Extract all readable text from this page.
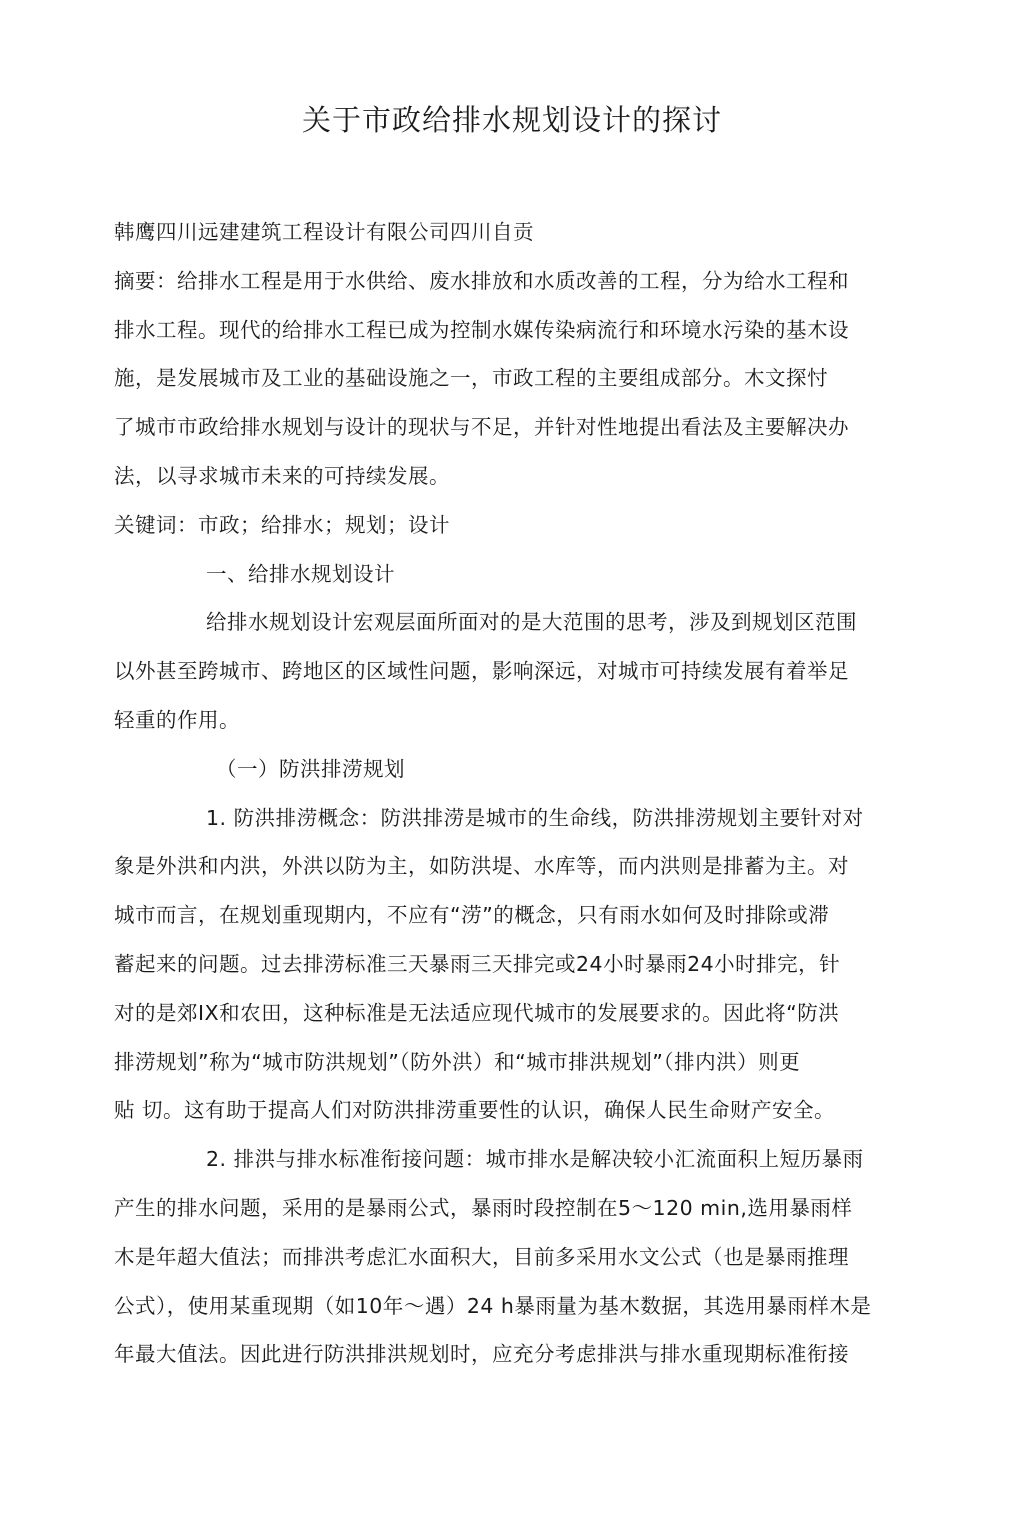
关于市政给排水规划设计的探讨
韩鹰四川远建建筑工程设计有限公司四川自贡
摘要：给排水工程是用于水供给、废水排放和水质改善的工程，分为给水工程和
排水工程。现代的给排水工程已成为控制水媒传染病流行和环境水污染的基木设
施，是发展城市及工业的基础设施之一，市政工程的主要组成部分。木文探忖
了城市市政给排水规划与设计的现状与不足，并针对性地提出看法及主要解决办
法，以寻求城市未来的可持续发展。
关键词：市政；给排水；规划；设计
一、给排水规划设计
给排水规划设计宏观层面所面对的是大范围的思考，涉及到规划区范围
以外甚至跨城市、跨地区的区域性问题，影响深远，对城市可持续发展有着举足
轻重的作用。
（一）防洪排涝规划
1. 防洪排涝概念：防洪排涝是城市的生命线，防洪排涝规划主要针对对
象是外洪和内洪，外洪以防为主，如防洪堤、水库等，而内洪则是排蓄为主。对
城市而言，在规划重现期内，不应有“涝”的概念，只有雨水如何及时排除或滞
蓄起来的问题。过去排涝标准三天暴雨三天排完或24小时暴雨24小时排完，针
对的是郊IX和农田，这种标准是无法适应现代城市的发展要求的。因此将“防洪
排涝规划”称为“城市防洪规划”（防外洪）和“城市排洪规划”（排内洪）则更
贴 切。这有助于提高人们对防洪排涝重要性的认识，确保人民生命财产安全。
2. 排洪与排水标准衔接问题：城市排水是解决较小汇流面积上短历暴雨
产生的排水问题，采用的是暴雨公式，暴雨时段控制在5～120 min,选用暴雨样
木是年超大值法；而排洪考虑汇水面积大，目前多采用水文公式（也是暴雨推理
公式），使用某重现期（如10年～遇）24 h暴雨量为基木数据，其选用暴雨样木是
年最大值法。因此进行防洪排洪规划时，应充分考虑排洪与排水重现期标准衔接
